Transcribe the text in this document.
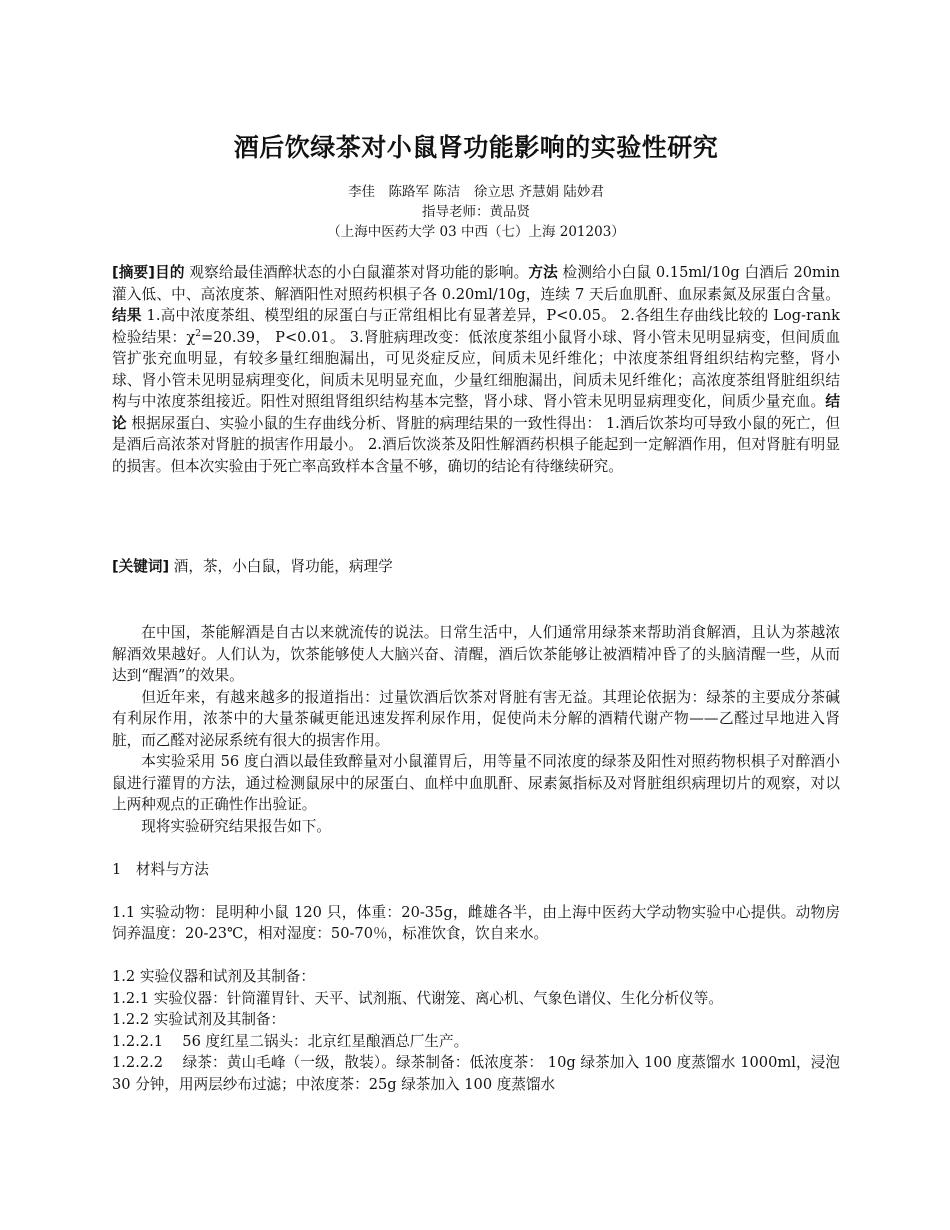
酒后饮绿茶对小鼠肾功能影响的实验性研究
李佳　陈路军 陈洁　徐立思 齐慧娟 陆妙君
指导老师：黄品贤
（上海中医药大学 03 中西（七）上海 201203）

[摘要]目的 观察给最佳酒醉状态的小白鼠灌茶对肾功能的影响。方法 检测给小白鼠 0.15ml/10g 白酒后 20min 灌入低、中、高浓度茶、解酒阳性对照药枳椇子各 0.20ml/10g，连续 7 天后血肌酐、血尿素氮及尿蛋白含量。结果 1.高中浓度茶组、模型组的尿蛋白与正常组相比有显著差异，P<0.05。 2.各组生存曲线比较的 Log-rank 检验结果：$\chi^2=20.39$， P<0.01。 3.肾脏病理改变：低浓度茶组小鼠肾小球、肾小管未见明显病变，但间质血管扩张充血明显，有较多量红细胞漏出，可见炎症反应，间质未见纤维化；中浓度茶组肾组织结构完整，肾小球、肾小管未见明显病理变化，间质未见明显充血，少量红细胞漏出，间质未见纤维化；高浓度茶组肾脏组织结构与中浓度茶组接近。阳性对照组肾组织结构基本完整，肾小球、肾小管未见明显病理变化，间质少量充血。结论 根据尿蛋白、实验小鼠的生存曲线分析、肾脏的病理结果的一致性得出： 1.酒后饮茶均可导致小鼠的死亡，但是酒后高浓茶对肾脏的损害作用最小。 2.酒后饮淡茶及阳性解酒药枳椇子能起到一定解酒作用，但对肾脏有明显的损害。但本次实验由于死亡率高致样本含量不够，确切的结论有待继续研究。

[关键词] 酒，茶，小白鼠，肾功能，病理学

在中国，茶能解酒是自古以来就流传的说法。日常生活中，人们通常用绿茶来帮助消食解酒，且认为茶越浓解酒效果越好。人们认为，饮茶能够使人大脑兴奋、清醒，酒后饮茶能够让被酒精冲昏了的头脑清醒一些，从而达到“醒酒”的效果。

但近年来，有越来越多的报道指出：过量饮酒后饮茶对肾脏有害无益。其理论依据为：绿茶的主要成分茶碱有利尿作用，浓茶中的大量茶碱更能迅速发挥利尿作用，促使尚未分解的酒精代谢产物——乙醛过早地进入肾脏，而乙醛对泌尿系统有很大的损害作用。

本实验采用 56 度白酒以最佳致醉量对小鼠灌胃后，用等量不同浓度的绿茶及阳性对照药物枳椇子对醉酒小鼠进行灌胃的方法，通过检测鼠尿中的尿蛋白、血样中血肌酐、尿素氮指标及对肾脏组织病理切片的观察，对以上两种观点的正确性作出验证。

现将实验研究结果报告如下。

1　材料与方法

1.1 实验动物：昆明种小鼠 120 只，体重：20-35g，雌雄各半，由上海中医药大学动物实验中心提供。动物房饲养温度：20-23℃，相对湿度：50-70％，标准饮食，饮自来水。

1.2 实验仪器和试剂及其制备：

1.2.1 实验仪器：针筒灌胃针、天平、试剂瓶、代谢笼、离心机、气象色谱仪、生化分析仪等。

1.2.2 实验试剂及其制备：

1.2.2.1　 56 度红星二锅头：北京红星酿酒总厂生产。

1.2.2.2　 绿茶：黄山毛峰（一级，散装）。绿茶制备：低浓度茶： 10g 绿茶加入 100 度蒸馏水 1000ml，浸泡 30 分钟，用两层纱布过滤；中浓度茶：25g 绿茶加入 100 度蒸馏水
